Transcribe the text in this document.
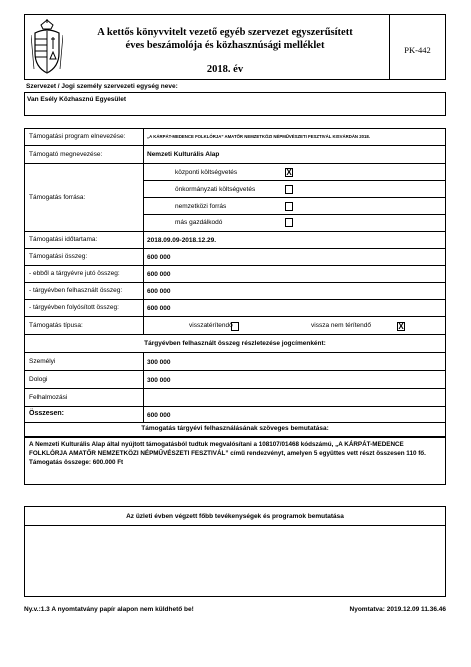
A kettős könyvvitelt vezető egyéb szervezet egyszerűsített
éves beszámolója és közhasznúsági melléklet
2018. év
PK-442
Szervezet / Jogi személy szervezeti egység neve:
Van Esély Közhasznú Egyesület
Támogatási program elnevezése:	„A KÁRPÁT-MEDENCE FOLKLÓRJA” AMATŐR NEMZETKÖZI NÉPMŰVÉSZETI FESZTIVÁL KISVÁRDÁN 2018.
Támogató megnevezése:	Nemzeti Kulturális Alap
Támogatás forrása:
központi költségvetés	X
önkormányzati költségvetés
nemzetközi forrás
más gazdálkodó
Támogatási időtartama:	2018.09.09-2018.12.29.
Támogatási összeg:	600 000
- ebből a tárgyévre jutó összeg:	600 000
- tárgyévben felhasznált összeg:	600 000
- tárgyévben folyósított összeg:	600 000
Támogatás típusa:	visszatérítendő	vissza nem térítendő	X
Tárgyévben felhasznált összeg részletezése jogcímenként:
Személyi	300 000
Dologi	300 000
Felhalmozási
Összesen:	600 000
Támogatás tárgyévi felhasználásának szöveges bemutatása:
A Nemzeti Kulturális Alap által nyújtott támogatásból tudtuk megvalósítani a 108107/01468 kódszámú, „A KÁRPÁT-MEDENCE FOLKLÓRJA AMATŐR NEMZETKÖZI NÉPMŰVÉSZETI FESZTIVÁL” című rendezvényt, amelyen 5 együttes vett részt összesen 110 fő. Támogatás összege: 600.000 Ft
Az üzleti évben végzett főbb tevékenységek és programok bemutatása
Ny.v.:1.3 A nyomtatvány papír alapon nem küldhető be!	Nyomtatva: 2019.12.09 11.36.46
